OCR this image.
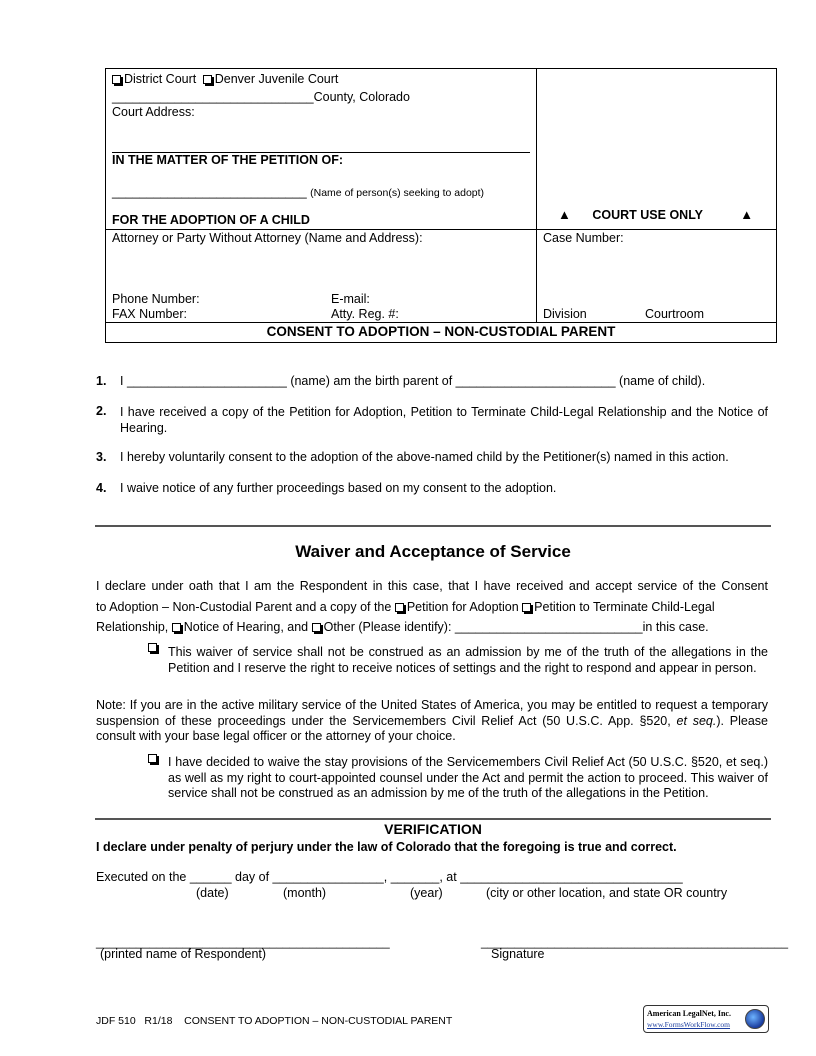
District Court Denver Juvenile Court
_____________________________County, Colorado
Court Address:
IN THE MATTER OF THE PETITION OF:
____________________________ (Name of person(s) seeking to adopt)
FOR THE ADOPTION OF A CHILD	▲ COURT USE ONLY	▲
Attorney or Party Without Attorney (Name and Address):	Case Number:
Phone Number:	E-mail:
FAX Number:	Atty. Reg. #:	Division	Courtroom
CONSENT TO ADOPTION – NON-CUSTODIAL PARENT
1. I _______________________ (name) am the birth parent of _______________________ (name of child).
2. I have received a copy of the Petition for Adoption, Petition to Terminate Child-Legal Relationship and the Notice of Hearing.
3. I hereby voluntarily consent to the adoption of the above-named child by the Petitioner(s) named in this action.
4. I waive notice of any further proceedings based on my consent to the adoption.
Waiver and Acceptance of Service
I declare under oath that I am the Respondent in this case, that I have received and accept service of the Consent
to Adoption – Non-Custodial Parent and a copy of the Petition for Adoption Petition to Terminate Child-Legal
Relationship, Notice of Hearing, and Other (Please identify): ___________________________in this case.
This waiver of service shall not be construed as an admission by me of the truth of the allegations in the Petition and I reserve the right to receive notices of settings and the right to respond and appear in person.
Note: If you are in the active military service of the United States of America, you may be entitled to request a temporary suspension of these proceedings under the Servicemembers Civil Relief Act (50 U.S.C. App. §520, et seq.). Please consult with your base legal officer or the attorney of your choice.
I have decided to waive the stay provisions of the Servicemembers Civil Relief Act (50 U.S.C. §520, et seq.) as well as my right to court-appointed counsel under the Act and permit the action to proceed. This waiver of service shall not be construed as an admission by me of the truth of the allegations in the Petition.
VERIFICATION
I declare under penalty of perjury under the law of Colorado that the foregoing is true and correct.
Executed on the ______ day of ________________, _______, at ________________________________
(date)	(month)	(year)	(city or other location, and state OR country
____________________________________________	______________________________________________
(printed name of Respondent)	Signature
JDF 510   R1/18    CONSENT TO ADOPTION – NON-CUSTODIAL PARENT
American LegalNet, Inc.
www.FormsWorkFlow.com
